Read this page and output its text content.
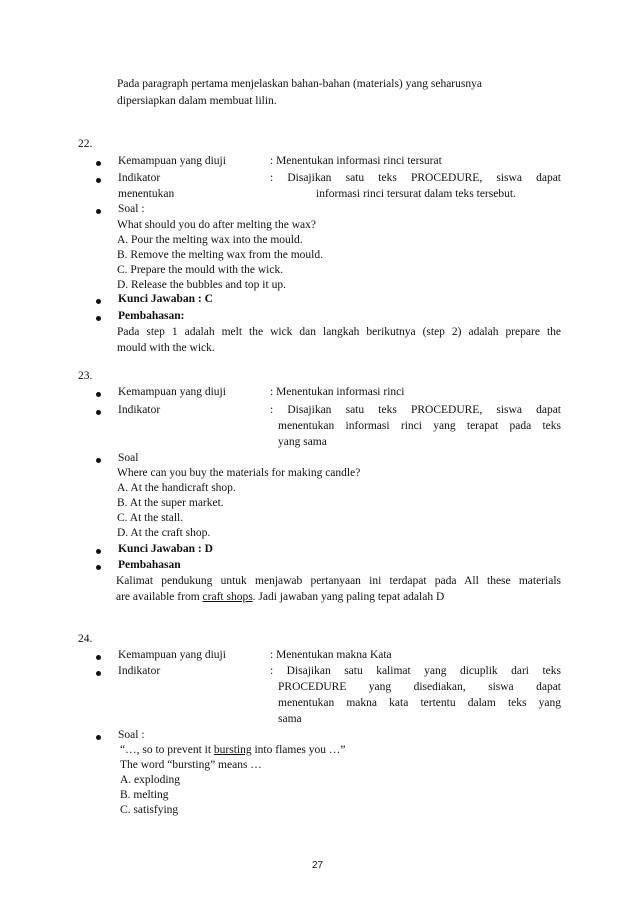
Pada paragraph pertama menjelaskan bahan-bahan (materials) yang seharusnya
dipersiapkan dalam membuat lilin.
22.
Kemampuan yang diuji	: Menentukan informasi rinci tersurat
Indikator	: Disajikan satu teks PROCEDURE, siswa dapat
menentukan	informasi rinci tersurat dalam teks tersebut.
Soal :
What should you do after melting the wax?
A. Pour the melting wax into the mould.
B. Remove the melting wax from the mould.
C. Prepare the mould with the wick.
D. Release the bubbles and top it up.
Kunci Jawaban : C
Pembahasan:
Pada step 1 adalah melt the wick dan langkah berikutnya (step 2) adalah prepare the
mould with the wick.
23.
Kemampuan yang diuji	: Menentukan informasi rinci
Indikator	: Disajikan satu teks PROCEDURE, siswa dapat
menentukan informasi rinci yang terapat pada teks
yang sama
Soal
Where can you buy the materials for making candle?
A. At the handicraft shop.
B. At the super market.
C. At the stall.
D. At the craft shop.
Kunci Jawaban : D
Pembahasan
Kalimat pendukung untuk menjawab pertanyaan ini terdapat pada All these materials
are available from craft shops. Jadi jawaban yang paling tepat adalah D
24.
Kemampuan yang diuji	: Menentukan makna Kata
Indikator	: Disajikan satu kalimat yang dicuplik dari teks
PROCEDURE yang disediakan, siswa dapat
menentukan makna kata tertentu dalam teks yang
sama
Soal :
“…, so to prevent it bursting into flames you …”
The word “bursting” means …
A. exploding
B. melting
C. satisfying
27
